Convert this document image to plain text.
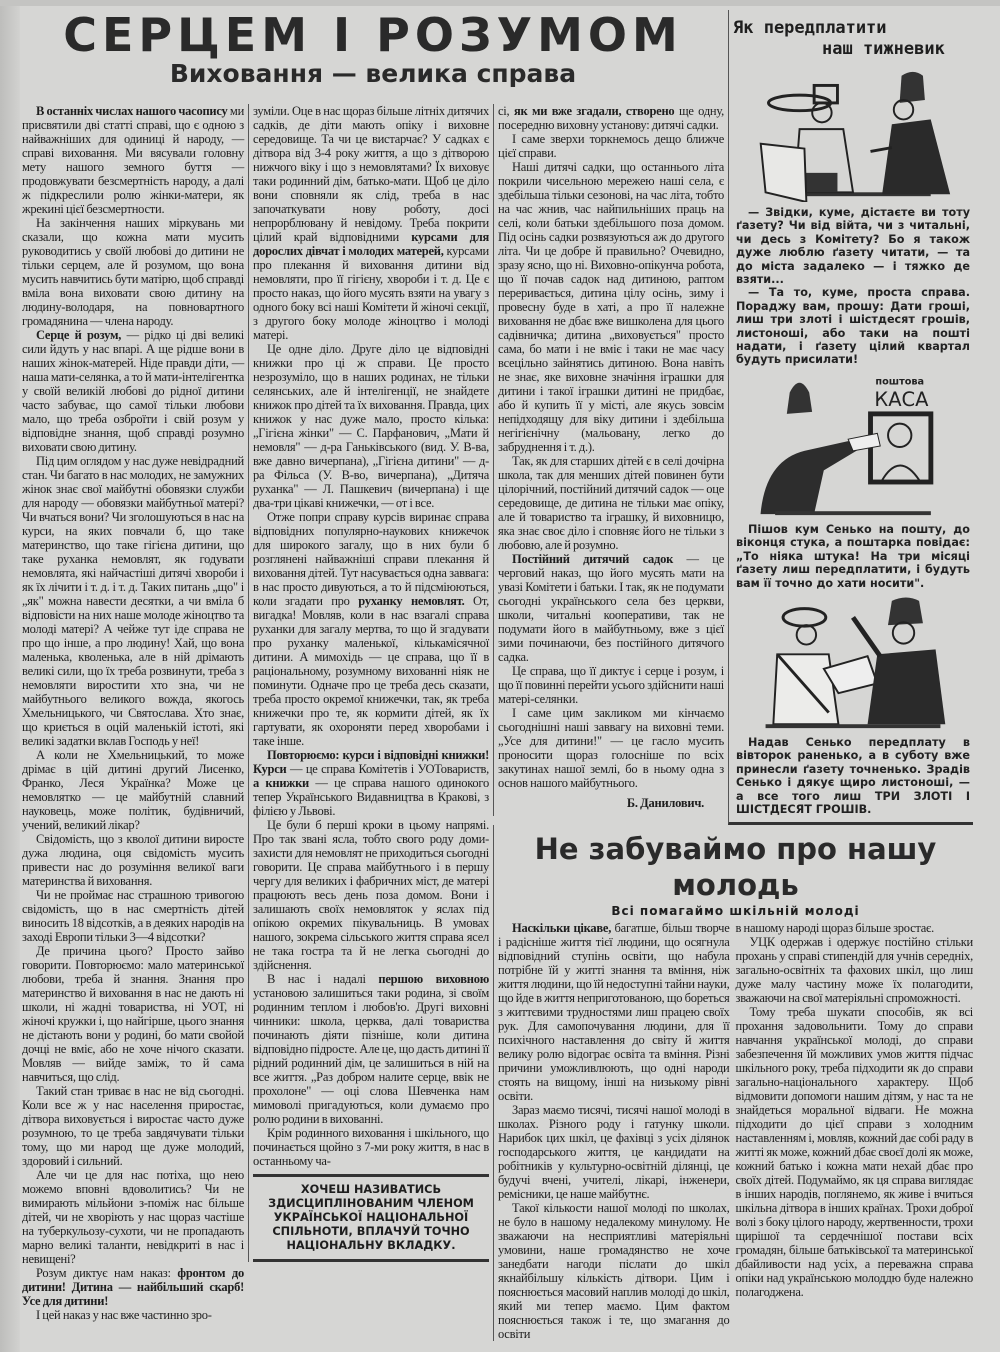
СЕРЦЕМ І РОЗУМОМ
Виховання — велика справа

В останніх числах нашого часопису ми присвятили дві статті справі, що є одною з найважніших для одиниці й народу, — справі виховання. Ми вясували головну мету нашого земного буття — продовжувати безсмертність народу, а далі ж підкреслили ролю жінки-матери, як жрекині цієї безсмертности.

На закінчення наших міркувань ми сказали, що кожна мати мусить руководитись у своїй любові до дитини не тільки серцем, але й розумом, що вона мусить навчитись бути матірю, щоб справді вміла вона виховати свою дитину на людину-володаря, на повновартного громадянина — члена народу.

Серце й розум, — рідко ці дві великі сили йдуть у нас впарі. А ще рідше вони в наших жінок-матерей. Ніде правди діти, — наша мати-селянка, а то й мати-інтелігентка у своїй великій любові до рідної дитини часто забуває, що самої тільки любови мало, що треба озброїти і свій розум у відповідне знання, щоб справді розумно виховати свою дитину.

Під цим оглядом у нас дуже невідрадний стан. Чи багато в нас молодих, не замужних жінок знає свої майбутні обовязки служби для народу — обовязки майбутньої матері? Чи вчаться вони? Чи зголошуються в нас на курси, на яких повчали б, що таке материнство, що таке гігієна дитини, що таке руханка немовлят, як годувати немовлята, які найчастіші дитячі хвороби і як їх лічити і т. д. і т. д. Таких питань „що" і „як" можна навести десятки, а чи вміла б відповісти на них наше молоде жіноцтво та молоді матері? А чейже тут іде справа не про що інше, а про людину! Хай, що вона маленька, кволенька, але в ній дрімають великі сили, що їх треба розвинути, треба з немовляти виростити хто зна, чи не майбутнього великого вожда, якогось Хмельницького, чи Святослава. Хто знає, що криється в оцій маленькій істоті, які великі задатки вклав Господь у неї!

А коли не Хмельницький, то може дрімає в цій дитині другий Лисенко, Франко, Леся Українка? Може це немовлятко — це майбутній славний науковець, може політик, будівничий, учений, великий лікар?

Свідомість, що з кволої дитини виросте дужа людина, оця свідомість мусить привести нас до розуміння великої ваги материнства й виховання.

Чи не проймає нас страшною тривогою свідомість, що в нас смертність дітей виносить 18 відсотків, а в деяких народів на заході Европи тільки 3—4 відсотки?

Де причина цього? Просто зайво говорити. Повторюємо: мало материнської любови, треба й знання. Знання про материнство й виховання в нас не дають ні школи, ні жадні товариства, ні УОТ, ні жіночі кружки і, що найгірше, цього знання не дістають вони у родині, бо мати свойой дочці не вміє, або не хоче нічого сказати. Мовляв — вийде заміж, то й сама навчиться, що слід.

Такий стан триває в нас не від сьогодні. Коли все ж у нас населення приростає, дітвора виховується і виростає часто дуже розумною, то це треба завдячувати тільки тому, що ми народ ще дуже молодий, здоровий і сильний.

Але чи це для нас потіха, що нею можемо вповні вдоволитись? Чи не вимирають мільйони з-поміж нас більше дітей, чи не хворіють у нас щораз частіше на туберкульозу-сухоти, чи не пропадають марно великі таланти, невідкриті в нас і невищені?

Розум диктує нам наказ: фронтом до дитини! Дитина — найбільший скарб! Усе для дитини!

І цей наказ у нас вже частинно зро-

зуміли. Оце в нас щораз більше літніх дитячих садків, де діти мають опіку і виховне середовище. Та чи це вистарчає? У садках є дітвора від 3-4 року життя, а що з дітворою нижчого віку і що з немовлятами? Їх виховує таки родинний дім, батько-мати. Щоб це діло вони сповняли як слід, треба в нас започаткувати нову роботу, досі непрорблювану й невідому. Треба покрити цілий край відповідними курсами для дорослих дівчат і молодих матерей, курсами про плекання й виховання дитини від немовляти, про її гігієну, хвороби і т. д. Це є просто наказ, що його мусять взяти на увагу з одного боку всі наші Комітети й жіночі секції, з другого боку молоде жіноцтво і молоді матері.

Це одне діло. Друге діло це відповідні книжки про ці ж справи. Це просто незрозуміло, що в наших родинах, не тільки селянських, але й інтелігенції, не знайдете книжок про дітей та їх виховання. Правда, цих книжок у нас дуже мало, просто кілька: „Гігієна жінки" — С. Парфанович, „Мати й немовля" — д-ра Ганьківського (вид. У. В-ва, вже давно вичерпана), „Гігієна дитини" — д-ра Фільса (У. В-во, вичерпана), „Дитяча руханка" — Л. Пашкевич (вичерпана) і ще два-три цікаві книжечки, — от і все.

Отже попри справу курсів виринає справа відповідних популярно-наукових книжечок для широкого загалу, що в них були б розглянені найважніші справи плекання й виховання дітей. Тут насувається одна заввага: в нас просто дивуються, а то й підсміюються, коли згадати про руханку немовлят. От, вигадка! Мовляв, коли в нас взагалі справа руханки для загалу мертва, то що й згадувати про руханку маленької, кількамісячної дитини. А мимохідь — це справа, що її в раціональному, розумному вихованні ніяк не поминути. Одначе про це треба десь сказати, треба просто окремої книжечки, так, як треба книжечки про те, як кормити дітей, як їх гартувати, як охороняти перед хворобами і таке інше.

Повторюємо: курси і відповідні книжки! Курси — це справа Комітетів і УОТовариств, а книжки — це справа нашого одинокого тепер Українського Видавництва в Кракові, з філією у Львові.

Це були б перші кроки в цьому напрямі. Про так звані ясла, тобто свого роду доми-захисти для немовлят не приходиться сьогодні говорити. Це справа майбутнього і в першу чергу для великих і фабричних міст, де матері працюють весь день поза домом. Вони і залишають своїх немовляток у яслах під опікою окремих пікувальниць. В умовах нашого, зокрема сільського життя справа ясел не така гостра та й не легка сьогодні до здійснення.

В нас і надалі першою виховною установою залишиться таки родина, зі своїм родинним теплом і любов'ю. Другі виховні чинники: школа, церква, далі товариства починають діяти пізніше, коли дитина відповідно підросте. Але це, що дасть дитині її рідний родинний дім, це залишиться в ній на все життя. „Раз добром налите серце, ввік не прохолоне" — оці слова Шевченка нам мимоволі пригадуються, коли думаємо про ролю родини в вихованні.

Крім родинного виховання і шкільного, що починається щойно з 7-ми року життя, в нас в останньому ча-

ХОЧЕШ НАЗИВАТИСЬ ЗДИСЦИПЛІНОВАНИМ ЧЛЕНОМ УКРАЇНСЬКОЇ НАЦІОНАЛЬНОЇ СПІЛЬНОТИ, ВПЛАЧУЙ ТОЧНО НАЦІОНАЛЬНУ ВКЛАДКУ.

сі, як ми вже згадали, створено ще одну, посередню виховну установу: дитячі садки.

І саме зверхи торкнемось дещо ближче цієї справи.

Наші дитячі садки, що останнього літа покрили чисельною мережею наші села, є здебільша тільки сезонові, на час літа, тобто на час жнив, час найпильніших праць на селі, коли батьки здебільшого поза домом. Під осінь садки розвязуються аж до другого літа. Чи це добре й правильно? Очевидно, зразу ясно, що ні. Виховно-опікунча робота, що її почав садок над дитиною, раптом переривається, дитина цілу осінь, зиму і провесну буде в хаті, а про її належне виховання не дбає вже вишколена для цього садівничка; дитина „виховується" просто сама, бо мати і не вміє і таки не має часу всецільно зайнятись дитиною. Вона навіть не знає, яке виховне значіння іграшки для дитини і такої іграшки дитині не придбає, або й купить її у місті, але якусь зовсім непідходящу для віку дитини і здебільша негігієнічну (мальовану, легко до забруднення і т. д.).

Так, як для старших дітей є в селі дочірна школа, так для менших дітей повинен бути цілорічний, постійний дитячий садок — оце середовище, де дитина не тільки має опіку, але й товариство та іграшку, й виховницю, яка знає своє діло і сповняє його не тільки з любовю, але й розумно.

Постійний дитячий садок — це черговий наказ, що його мусять мати на увазі Комітети і батьки. І так, як не подумати сьогодні українського села без церкви, школи, читальні кооперативи, так не подумати його в майбутньому, вже з цієї зими починаючи, без постійного дитячого садка.

Це справа, що її диктує і серце і розум, і що її повинні перейти усього здійснити наші матері-селянки.

І саме цим закликом ми кінчаємо сьогоднішні наші заввагу на виховні теми. „Усе для дитини!" — це гасло мусить проносити щораз голосніше по всіх закутинах нашої землі, бо в ньому одна з основ нашого майбутнього.

Б. Данилович.

Як передплатити
наш тижневик

— Звідки, куме, дістаєте ви тоту ґазету? Чи від війта, чи з читальні, чи десь з Комітету? Бо я також дуже люблю ґазету читати, — та до міста задалеко — і тяжко де взяти...

— Та то, куме, проста справа. Пораджу вам, прошу: Дати гроші, лиш три злоті і шістдесят грошів, листоноші, або таки на пошті надати, і ґазету цілий квартал будуть присилати!

поштова
КАСА

Пішов кум Сенько на пошту, до віконця стука, а поштарка повідає: „То ніяка штука! На три місяці ґазету лиш передплатити, і будуть вам її точно до хати носити".

Надав Сенько передплату в вівторок раненько, а в суботу вже принесли ґазету точненько. Зрадів Сенько і дякує щиро листоноші, — а все того лиш ТРИ ЗЛОТІ І ШІСТДЕСЯТ ГРОШІВ.

Не забуваймо про нашу молодь
Всі помагаймо шкільній молоді

Наскільки цікаве, багатше, більш творче і радісніше життя тієї людини, що осягнула відповідний ступінь освіти, що набула потрібне їй у житті знання та вміння, ніж життя людини, що їй недоступні тайни науки, що йде в життя неприготованою, що бореться з життєвими трудностями лиш працею своїх рук. Для самопочування людини, для її психічного наставлення до світу й життя велику ролю відограє освіта та вміння. Різні причини уможливлюють, що одні народи стоять на вищому, інші на низькому рівні освіти.

Зараз маємо тисячі, тисячі нашої молоді в школах. Різного роду і гатунку школи. Нарибок цих шкіл, це фахівці з усіх ділянок господарського життя, це кандидати на робітників у культурно-освітній ділянці, це будучі вчені, учителі, лікарі, інженери, ремісники, це наше майбутнє.

Такої кількости нашої молоді по школах, не було в нашому недалекому минулому. Не зважаючи на несприятливі матеріяльні умовини, наше громадянство не хоче занедбати нагоди післати до шкіл якнайбільшу кількість дітвори. Цим і пояснюється масовий наплив молоді до шкіл, який ми тепер маємо. Цим фактом пояснюється також і те, що змагання до освіти

в нашому народі щораз більше зростає.

УЦК одержав і одержує постійно стільки прохань у справі стипендій для учнів середніх, загально-освітніх та фахових шкіл, що лиш дуже малу частину може їх полагодити, зважаючи на свої матеріяльні спроможності.

Тому треба шукати способів, як всі прохання задовольнити. Тому до справи навчання української молоді, до справи забезпечення їй можливих умов життя підчас шкільного року, треба підходити як до справи загально-національного характеру. Щоб відмовити допомоги нашим дітям, у нас та не знайдеться моральної відваги. Не можна підходити до цієї справи з холодним наставленням і, мовляв, кожний дає собі раду в житті як може, кожний дбає своєї долі як може, кожний батько і кожна мати нехай дбає про своїх дітей. Подумаймо, як ця справа виглядає в інших народів, поглянемо, як живе і вчиться шкільна дітвора в інших країнах. Трохи доброї волі з боку цілого народу, жертвенности, трохи щирішої та сердечнішої постави всіх громадян, більше батьківської та материнської дбайливости над усіх, а переважна справа опіки над українською молоддю буде належно полагоджена.
